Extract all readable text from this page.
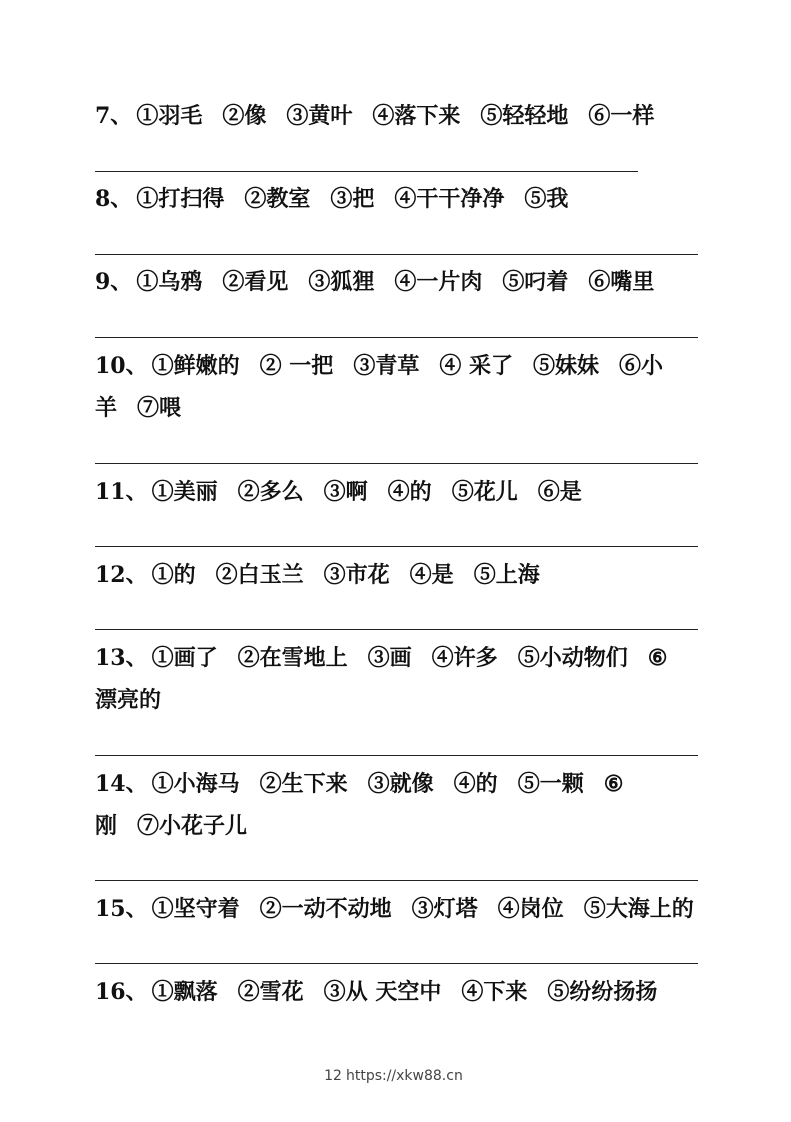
7、 ①羽毛 ②像 ③黄叶 ④落下来 ⑤轻轻地 ⑥一样
8、 ①打扫得 ②教室 ③把 ④干干净净 ⑤我
9、 ①乌鸦 ②看见 ③狐狸 ④一片肉 ⑤叼着 ⑥嘴里
10、 ①鲜嫩的 ② 一把 ③青草 ④ 采了 ⑤妹妹 ⑥小
羊 ⑦喂
11、 ①美丽 ②多么 ③啊 ④的 ⑤花儿 ⑥是
12、 ①的 ②白玉兰 ③市花 ④是 ⑤上海
13、 ①画了 ②在雪地上 ③画 ④许多 ⑤小动物们 ⑥
漂亮的
14、 ①小海马 ②生下来 ③就像 ④的 ⑤一颗 ⑥
刚 ⑦小花子儿
15、 ①坚守着 ②一动不动地 ③灯塔 ④岗位 ⑤大海上的
16、 ①飘落 ②雪花 ③从 天空中 ④下来 ⑤纷纷扬扬
12 https://xkw88.cn
